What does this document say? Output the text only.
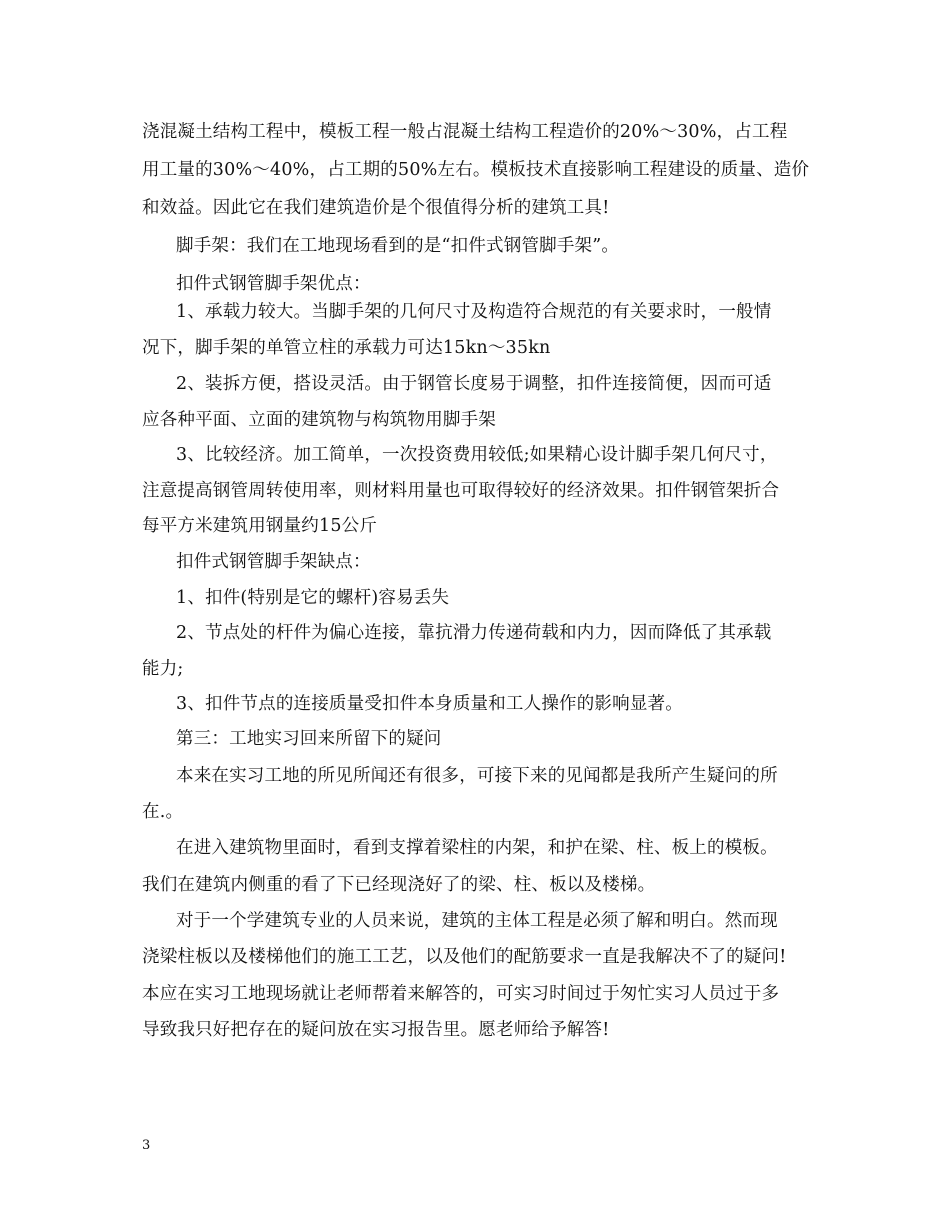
浇混凝土结构工程中，模板工程一般占混凝土结构工程造价的20%～30%，占工程
用工量的30%～40%，占工期的50%左右。模板技术直接影响工程建设的质量、造价
和效益。因此它在我们建筑造价是个很值得分析的建筑工具!
脚手架：我们在工地现场看到的是“扣件式钢管脚手架”。
扣件式钢管脚手架优点：
1、承载力较大。当脚手架的几何尺寸及构造符合规范的有关要求时，一般情
况下，脚手架的单管立柱的承载力可达15kn～35kn
2、装拆方便，搭设灵活。由于钢管长度易于调整，扣件连接简便，因而可适
应各种平面、立面的建筑物与构筑物用脚手架
3、比较经济。加工简单，一次投资费用较低;如果精心设计脚手架几何尺寸，
注意提高钢管周转使用率，则材料用量也可取得较好的经济效果。扣件钢管架折合
每平方米建筑用钢量约15公斤
扣件式钢管脚手架缺点：
1、扣件(特别是它的螺杆)容易丢失
2、节点处的杆件为偏心连接，靠抗滑力传递荷载和内力，因而降低了其承载
能力;
3、扣件节点的连接质量受扣件本身质量和工人操作的影响显著。
第三：工地实习回来所留下的疑问
本来在实习工地的所见所闻还有很多，可接下来的见闻都是我所产生疑问的所
在.。
在进入建筑物里面时，看到支撑着梁柱的内架，和护在梁、柱、板上的模板。
我们在建筑内侧重的看了下已经现浇好了的梁、柱、板以及楼梯。
对于一个学建筑专业的人员来说，建筑的主体工程是必须了解和明白。然而现
浇梁柱板以及楼梯他们的施工工艺，以及他们的配筋要求一直是我解决不了的疑问!
本应在实习工地现场就让老师帮着来解答的，可实习时间过于匆忙实习人员过于多
导致我只好把存在的疑问放在实习报告里。愿老师给予解答!
3
